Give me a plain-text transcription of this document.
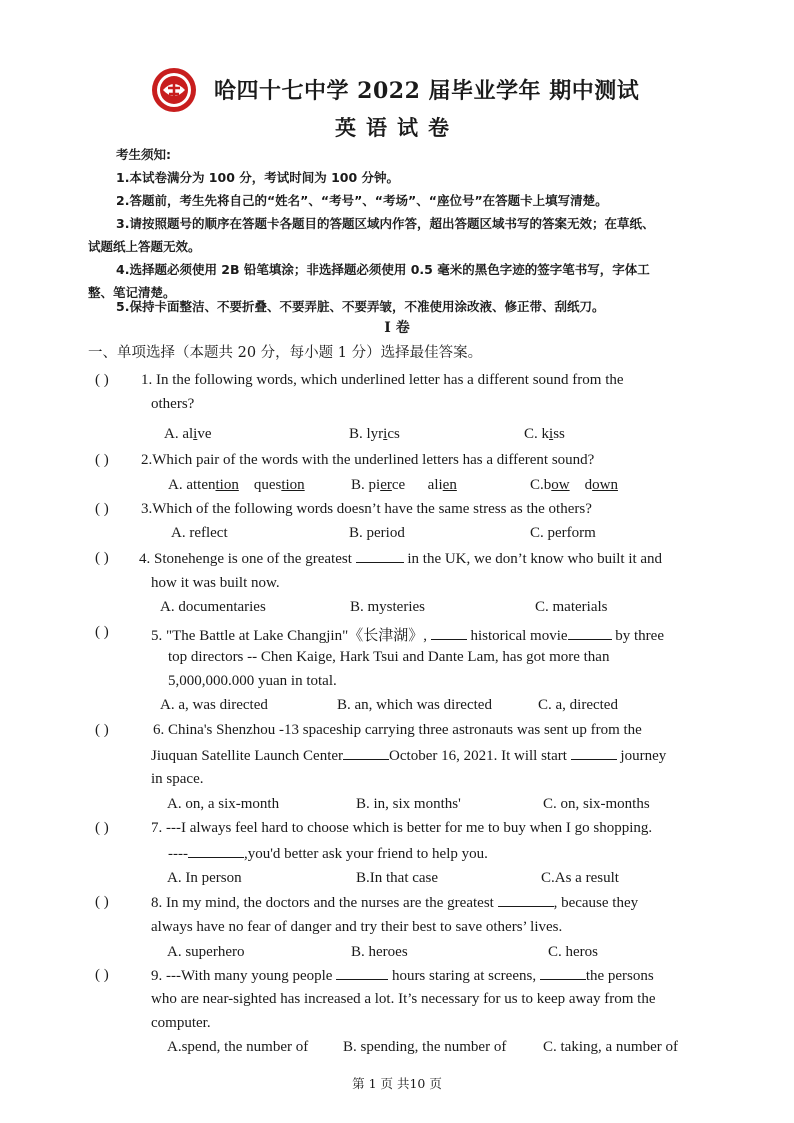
哈四十七中学 2022 届毕业学年 期中测试
英语试卷
考生须知:
1.本试卷满分为 100 分，考试时间为 100 分钟。
2.答题前，考生先将自己的“姓名”、“考号”、“考场”、“座位号”在答题卡上填写清楚。
3.请按照题号的顺序在答题卡各题目的答题区域内作答，超出答题区域书写的答案无效；在草纸、
试题纸上答题无效。
4.选择题必须使用 2B 铅笔填涂；非选择题必须使用 0.5 毫米的黑色字迹的签字笔书写，字体工
整、笔记清楚。
5.保持卡面整洁、不要折叠、不要弄脏、不要弄皱，不准使用涂改液、修正带、刮纸刀。
I 卷
一、单项选择（本题共 20 分，每小题 1 分）选择最佳答案。
( ) 1. In the following words, which underlined letter has a different sound from the
others?
A. alive	B. lyrics	C. kiss
( ) 2.Which pair of the words with the underlined letters has a different sound?
A. attention question	B. pierce alien	C.bow down
( ) 3.Which of the following words doesn’t have the same stress as the others?
A. reflect	B. period	C. perform
( ) 4. Stonehenge is one of the greatest	in the UK, we don’t know who built it and
how it was built now.
A. documentaries	B. mysteries	C. materials
( )	5. "The Battle at Lake Changjin"《长津湖》,	historical movie	by three
top directors -- Chen Kaige, Hark Tsui and Dante Lam, has got more than
5,000,000.000 yuan in total.
A. a, was directed	B. an, which was directed	C. a, directed
( )	6. China's Shenzhou -13 spaceship carrying three astronauts was sent up from the
Jiuquan Satellite Launch Center	October 16, 2021. It will start	journey
in space.
A. on, a six-month	B. in, six months'	C. on, six-months
( )	7. ---I always feel hard to choose which is better for me to buy when I go shopping.
----	,you'd better ask your friend to help you.
A. In person	B.In that case	C.As a result
( )	8. In my mind, the doctors and the nurses are the greatest	, because they
always have no fear of danger and try their best to save others’ lives.
A. superhero	B. heroes	C. heros
( )	9. ---With many young people	hours staring at screens,	the persons
who are near-sighted has increased a lot. It’s necessary for us to keep away from the
computer.
A.spend, the number of B. spending, the number of C. taking, a number of
第 1 页 共10 页
